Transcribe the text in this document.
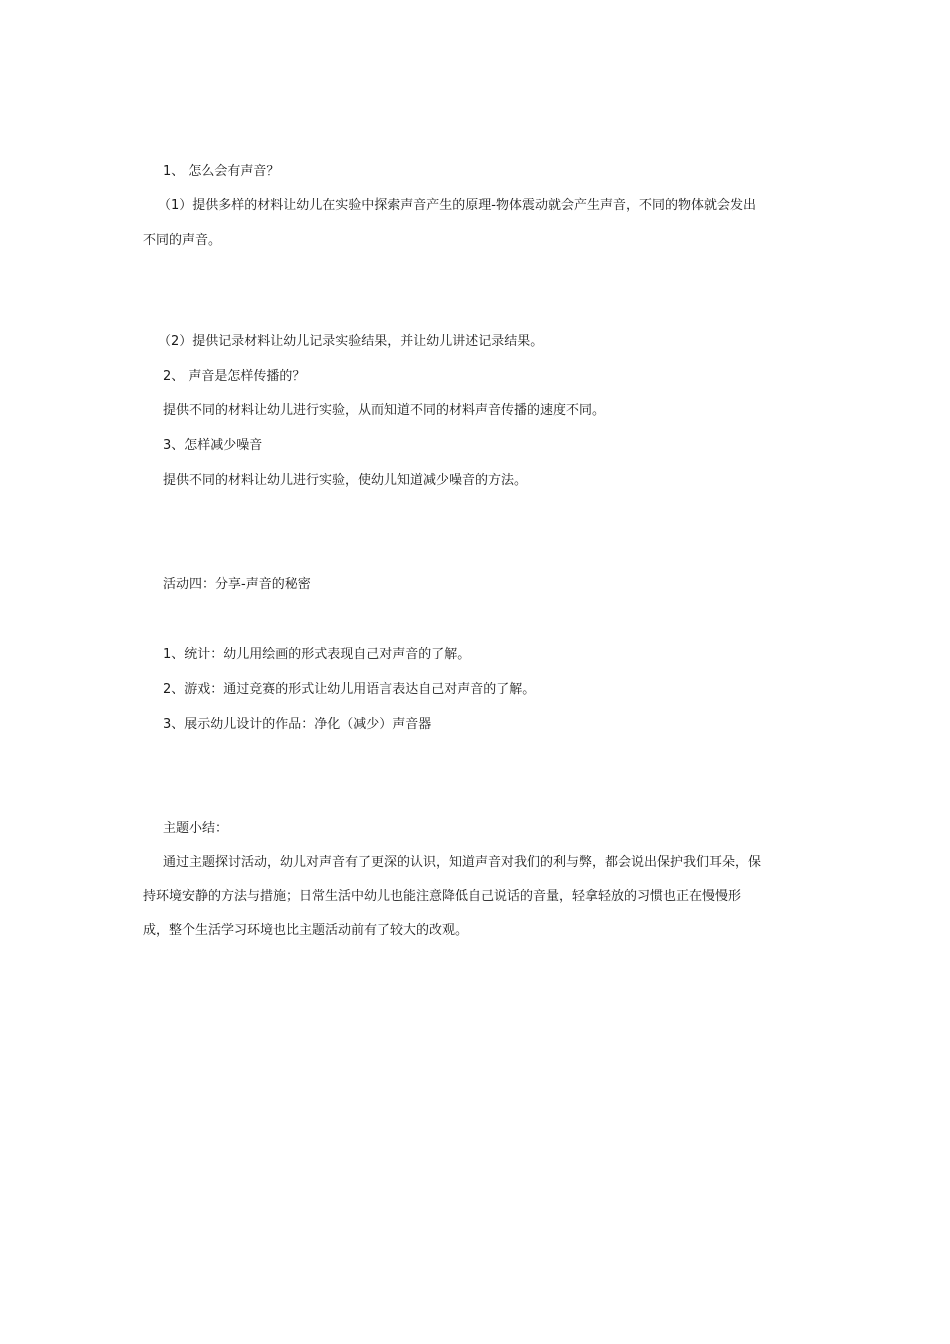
1、 怎么会有声音？
（1）提供多样的材料让幼儿在实验中探索声音产生的原理-物体震动就会产生声音，不同的物体就会发出
不同的声音。
（2）提供记录材料让幼儿记录实验结果，并让幼儿讲述记录结果。
2、 声音是怎样传播的？
提供不同的材料让幼儿进行实验，从而知道不同的材料声音传播的速度不同。
3、怎样减少噪音
提供不同的材料让幼儿进行实验，使幼儿知道减少噪音的方法。
活动四：分享-声音的秘密
1、统计：幼儿用绘画的形式表现自己对声音的了解。
2、游戏：通过竞赛的形式让幼儿用语言表达自己对声音的了解。
3、展示幼儿设计的作品：净化（减少）声音器
主题小结：
通过主题探讨活动，幼儿对声音有了更深的认识，知道声音对我们的利与弊，都会说出保护我们耳朵，保
持环境安静的方法与措施；日常生活中幼儿也能注意降低自己说话的音量，轻拿轻放的习惯也正在慢慢形
成，整个生活学习环境也比主题活动前有了较大的改观。
